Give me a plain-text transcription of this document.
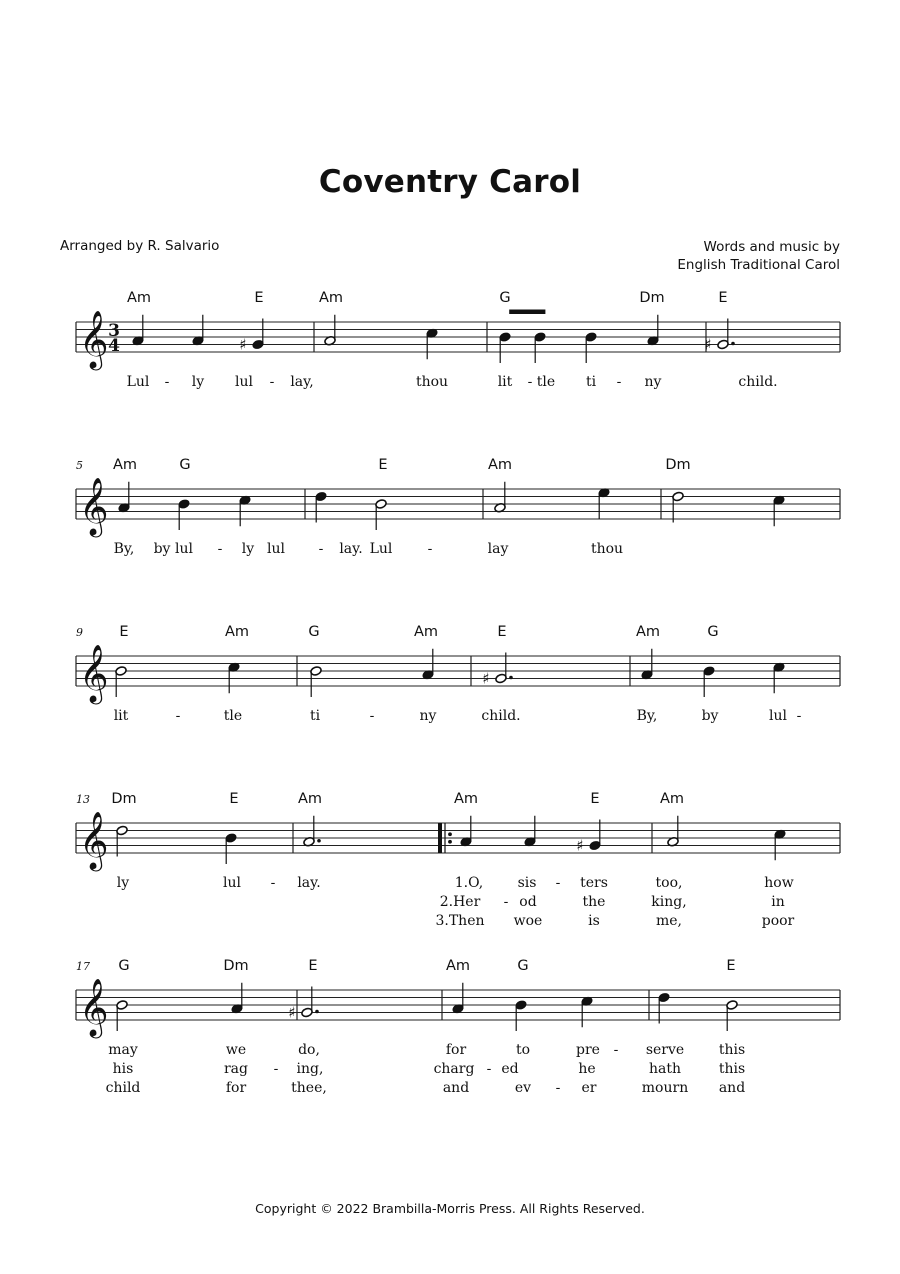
Coventry Carol
Arranged by R. Salvario	Words and music by
English Traditional Carol
𝄞 3
4
Am	E	Am	G	Dm	E
♯	♯
Lul - ly lul - lay,	thou	lit - tle ti - ny	child.
𝄞
5 Am	G	E	Am	Dm
By, by lul - ly lul - lay. Lul	-	lay	thou
𝄞
9	E	Am	G	Am	E	Am	G
♯
lit	-	tle	ti	-	ny	child.	By,	by	lul -
𝄞
13 Dm	E	Am	Am	E	Am
♯
ly	lul - lay.	1.O, sis - ters	too,	how
2.Her - od	the	king,	in
3.Then woe	is	me,	poor
𝄞
17 G	Dm	E	Am	G	E
♯
may	we	do,	for	to	pre - serve this
his	rag - ing,	charg - ed	he	hath	this
child	for	thee,	and	ev - er	mourn and
Copyright © 2022 Brambilla-Morris Press. All Rights Reserved.
